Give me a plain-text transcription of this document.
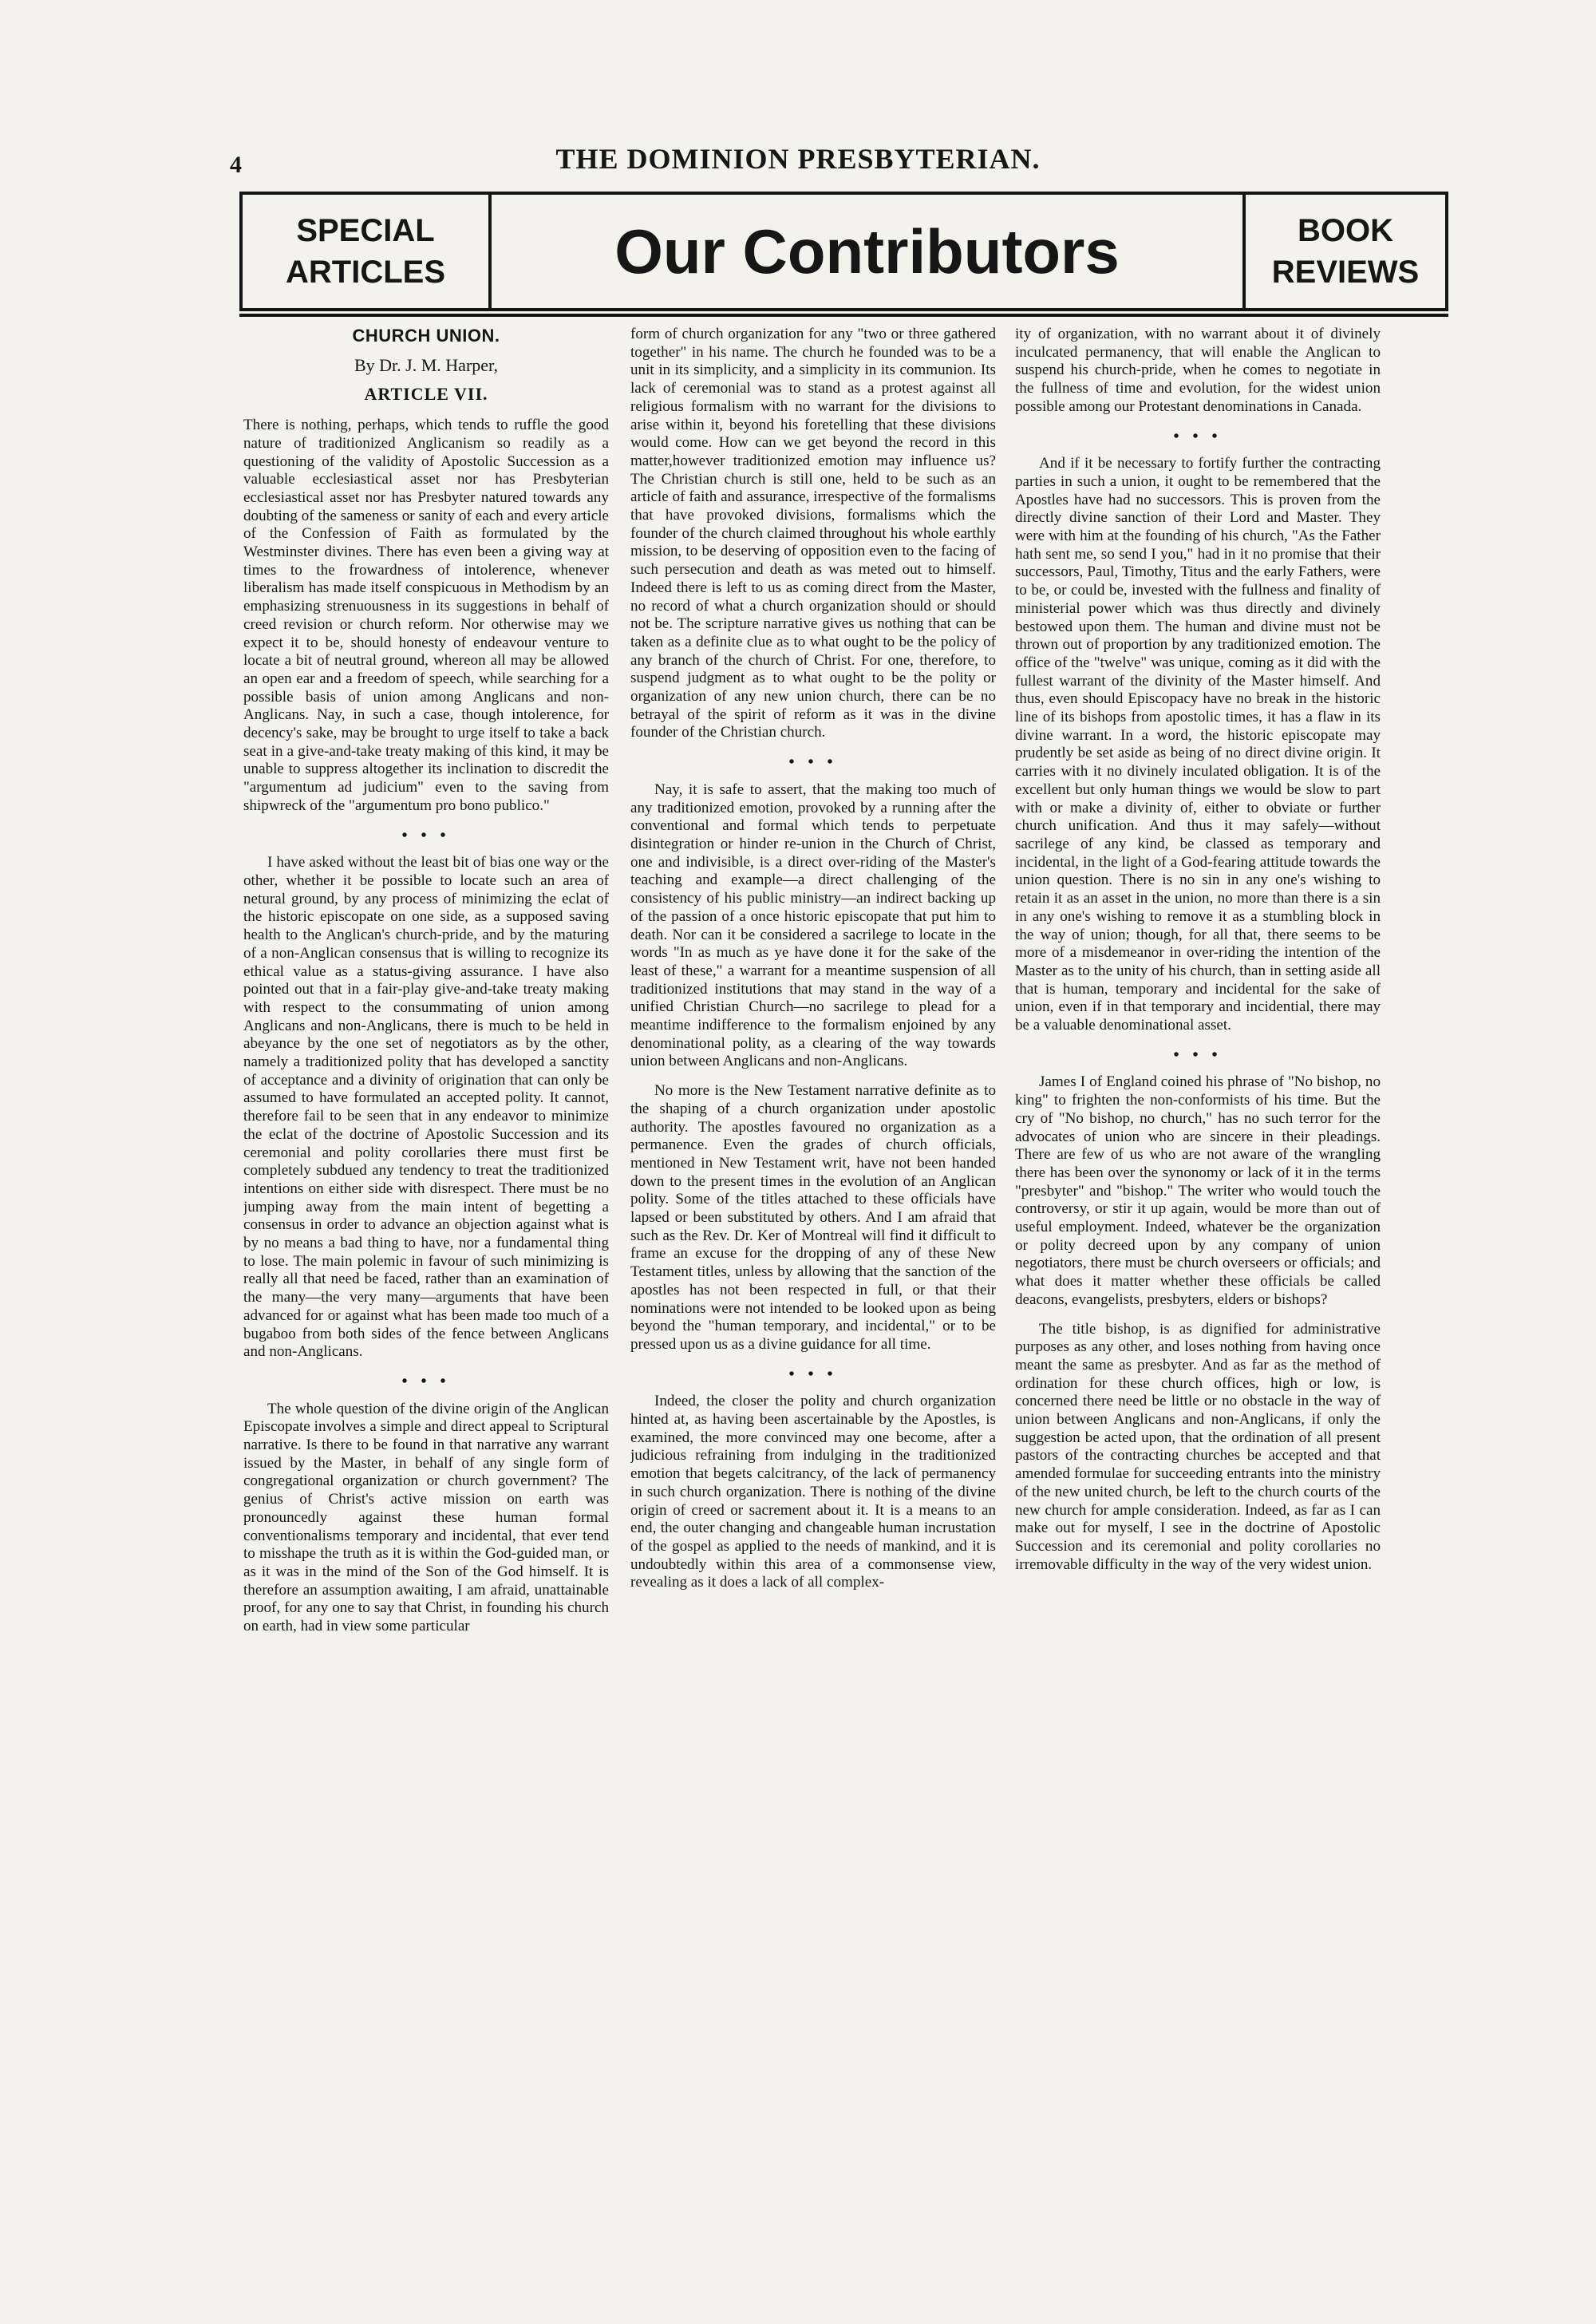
4	THE DOMINION PRESBYTERIAN.
SPECIAL
ARTICLES	Our Contributors	BOOK
REVIEWS
CHURCH UNION.
By Dr. J. M. Harper,
ARTICLE VII.

There is nothing, perhaps, which tends to ruffle the good nature of traditionized Anglicanism so readily as a questioning of the validity of Apostolic Succession as a valuable ecclesiastical asset nor has Presbyterian ecclesiastical asset nor has Presbyter natured towards any doubting of the sameness or sanity of each and every article of the Confession of Faith as formulated by the Westminster divines. There has even been a giving way at times to the frowardness of intolerence, whenever liberalism has made itself conspicuous in Methodism by an emphasizing strenuousness in its suggestions in behalf of creed revision or church reform. Nor otherwise may we expect it to be, should honesty of endeavour venture to locate a bit of neutral ground, whereon all may be allowed an open ear and a freedom of speech, while searching for a possible basis of union among Anglicans and non-Anglicans. Nay, in such a case, though intolerence, for decency's sake, may be brought to urge itself to take a back seat in a give-and-take treaty making of this kind, it may be unable to suppress altogether its inclination to discredit the "argumentum ad judicium" even to the saving from shipwreck of the "argumentum pro bono publico."

• • •

I have asked without the least bit of bias one way or the other, whether it be possible to locate such an area of netural ground, by any process of minimizing the eclat of the historic episcopate on one side, as a supposed saving health to the Anglican's church-pride, and by the maturing of a non-Anglican consensus that is willing to recognize its ethical value as a status-giving assurance. I have also pointed out that in a fair-play give-and-take treaty making with respect to the consummating of union among Anglicans and non-Anglicans, there is much to be held in abeyance by the one set of negotiators as by the other, namely a traditionized polity that has developed a sanctity of acceptance and a divinity of origination that can only be assumed to have formulated an accepted polity. It cannot, therefore fail to be seen that in any endeavor to minimize the eclat of the doctrine of Apostolic Succession and its ceremonial and polity corollaries there must first be completely subdued any tendency to treat the traditionized intentions on either side with disrespect. There must be no jumping away from the main intent of begetting a consensus in order to advance an objection against what is by no means a bad thing to have, nor a fundamental thing to lose. The main polemic in favour of such minimizing is really all that need be faced, rather than an examination of the many—the very many—arguments that have been advanced for or against what has been made too much of a bugaboo from both sides of the fence between Anglicans and non-Anglicans.

• • •

The whole question of the divine origin of the Anglican Episcopate involves a simple and direct appeal to Scriptural narrative. Is there to be found in that narrative any warrant issued by the Master, in behalf of any single form of congregational organization or church government? The genius of Christ's active mission on earth was pronouncedly against these human formal conventionalisms temporary and incidental, that ever tend to misshape the truth as it is within the God-guided man, or as it was in the mind of the Son of the God himself. It is therefore an assumption awaiting, I am afraid, unattainable proof, for any one to say that Christ, in founding his church on earth, had in view some particular

form of church organization for any "two or three gathered together" in his name. The church he founded was to be a unit in its simplicity, and a simplicity in its communion. Its lack of ceremonial was to stand as a protest against all religious formalism with no warrant for the divisions to arise within it, beyond his foretelling that these divisions would come. How can we get beyond the record in this matter,however traditionized emotion may influence us? The Christian church is still one, held to be such as an article of faith and assurance, irrespective of the formalisms that have provoked divisions, formalisms which the founder of the church claimed throughout his whole earthly mission, to be deserving of opposition even to the facing of such persecution and death as was meted out to himself. Indeed there is left to us as coming direct from the Master, no record of what a church organization should or should not be. The scripture narrative gives us nothing that can be taken as a definite clue as to what ought to be the policy of any branch of the church of Christ. For one, therefore, to suspend judgment as to what ought to be the polity or organization of any new union church, there can be no betrayal of the spirit of reform as it was in the divine founder of the Christian church.

• • •

Nay, it is safe to assert, that the making too much of any traditionized emotion, provoked by a running after the conventional and formal which tends to perpetuate disintegration or hinder re-union in the Church of Christ, one and indivisible, is a direct over-riding of the Master's teaching and example—a direct challenging of the consistency of his public ministry—an indirect backing up of the passion of a once historic episcopate that put him to death. Nor can it be considered a sacrilege to locate in the words "In as much as ye have done it for the sake of the least of these," a warrant for a meantime suspension of all traditionized institutions that may stand in the way of a unified Christian Church—no sacrilege to plead for a meantime indifference to the formalism enjoined by any denominational polity, as a clearing of the way towards union between Anglicans and non-Anglicans.

No more is the New Testament narrative definite as to the shaping of a church organization under apostolic authority. The apostles favoured no organization as a permanence. Even the grades of church officials, mentioned in New Testament writ, have not been handed down to the present times in the evolution of an Anglican polity. Some of the titles attached to these officials have lapsed or been substituted by others. And I am afraid that such as the Rev. Dr. Ker of Montreal will find it difficult to frame an excuse for the dropping of any of these New Testament titles, unless by allowing that the sanction of the apostles has not been respected in full, or that their nominations were not intended to be looked upon as being beyond the "human temporary, and incidental," or to be pressed upon us as a divine guidance for all time.

• • •

Indeed, the closer the polity and church organization hinted at, as having been ascertainable by the Apostles, is examined, the more convinced may one become, after a judicious refraining from indulging in the traditionized emotion that begets calcitrancy, of the lack of permanency in such church organization. There is nothing of the divine origin of creed or sacrement about it. It is a means to an end, the outer changing and changeable human incrustation of the gospel as applied to the needs of mankind, and it is undoubtedly within this area of a commonsense view, revealing as it does a lack of all complex-

ity of organization, with no warrant about it of divinely inculcated permanency, that will enable the Anglican to suspend his church-pride, when he comes to negotiate in the fullness of time and evolution, for the widest union possible among our Protestant denominations in Canada.

• • •

And if it be necessary to fortify further the contracting parties in such a union, it ought to be remembered that the Apostles have had no successors. This is proven from the directly divine sanction of their Lord and Master. They were with him at the founding of his church, "As the Father hath sent me, so send I you," had in it no promise that their successors, Paul, Timothy, Titus and the early Fathers, were to be, or could be, invested with the fullness and finality of ministerial power which was thus directly and divinely bestowed upon them. The human and divine must not be thrown out of proportion by any traditionized emotion. The office of the "twelve" was unique, coming as it did with the fullest warrant of the divinity of the Master himself. And thus, even should Episcopacy have no break in the historic line of its bishops from apostolic times, it has a flaw in its divine warrant. In a word, the historic episcopate may prudently be set aside as being of no direct divine origin. It carries with it no divinely inculated obligation. It is of the excellent but only human things we would be slow to part with or make a divinity of, either to obviate or further church unification. And thus it may safely—without sacrilege of any kind, be classed as temporary and incidental, in the light of a God-fearing attitude towards the union question. There is no sin in any one's wishing to retain it as an asset in the union, no more than there is a sin in any one's wishing to remove it as a stumbling block in the way of union; though, for all that, there seems to be more of a misdemeanor in over-riding the intention of the Master as to the unity of his church, than in setting aside all that is human, temporary and incidental for the sake of union, even if in that temporary and incidential, there may be a valuable denominational asset.

• • •

James I of England coined his phrase of "No bishop, no king" to frighten the non-conformists of his time. But the cry of "No bishop, no church," has no such terror for the advocates of union who are sincere in their pleadings. There are few of us who are not aware of the wrangling there has been over the synonomy or lack of it in the terms "presbyter" and "bishop." The writer who would touch the controversy, or stir it up again, would be more than out of useful employment. Indeed, whatever be the organization or polity decreed upon by any company of union negotiators, there must be church overseers or officials; and what does it matter whether these officials be called deacons, evangelists, presbyters, elders or bishops?

The title bishop, is as dignified for administrative purposes as any other, and loses nothing from having once meant the same as presbyter. And as far as the method of ordination for these church offices, high or low, is concerned there need be little or no obstacle in the way of union between Anglicans and non-Anglicans, if only the suggestion be acted upon, that the ordination of all present pastors of the contracting churches be accepted and that amended formulae for succeeding entrants into the ministry of the new united church, be left to the church courts of the new church for ample consideration. Indeed, as far as I can make out for myself, I see in the doctrine of Apostolic Succession and its ceremonial and polity corollaries no irremovable difficulty in the way of the very widest union.
